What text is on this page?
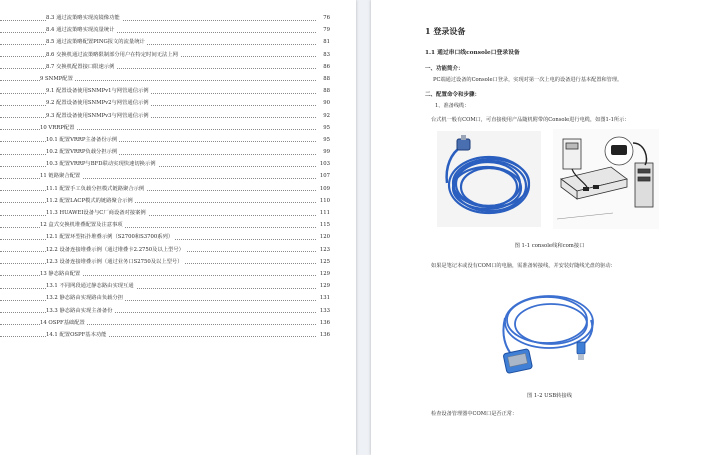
8.3 通过流策略实现流镜像功能	76
8.4 通过流策略实现流量统计	79
8.5 通过流策略配置PING报文的流量统计	81
8.6 交换机通过流策略限制部分用户在特定时间无法上网	83
8.7 交换机配置接口限速示例	86
9 SNMP配置	88
9.1 配置设备使用SNMPv1与网管通信示例	88
9.2 配置设备使用SNMPv2与网管通信示例	90
9.3 配置设备使用SNMPv3与网管通信示例	92
10 VRRP配置	95
10.1 配置VRRP主备备份示例	95
10.2 配置VRRP负载分担示例	99
10.3 配置VRRP与BFD联动实现快速切换示例	103
11 链路聚合配置	107
11.1 配置手工负载分担模式链路聚合示例	109
11.2 配置LACP模式的链路聚合示例	110
11.3 HUAWEI设备与C厂商设备对接案例	111
12 盒式交换机堆叠配置及注意事项	115
12.1 配置环型拓扑堆叠示例（S2700和S3700系列）	120
12.2 设备连接堆叠示例（通过堆叠卡2.2750及以上型号）	123
12.3 设备连接堆叠示例（通过业务口S2750及以上型号）	125
13 静态路由配置	129
13.1 不同网段通过静态路由实现互通	129
13.2 静态路由实现路由负载分担	131
13.3 静态路由实现主备备份	133
14 OSPF基础配置	136
14.1 配置OSPF基本功能	136
1 登录设备
1.1 通过串口线console口登录设备
一、功能简介：
PC端通过设备的Console口登录，实现对第一次上电的设备进行基本配置和管理。
二、配置命令和步骤：
1、准备线缆：
台式机一般有COM口，可直接使用产品随机附带的Console进行电缆，如图1-1所示：
图 1-1 console线和com接口
如果是笔记本或没有COM口的电脑，需准备转接线，并安装好随线光盘的驱动：
图 1-2 USB转接线
检查设备管理器中COM口是否正常：
